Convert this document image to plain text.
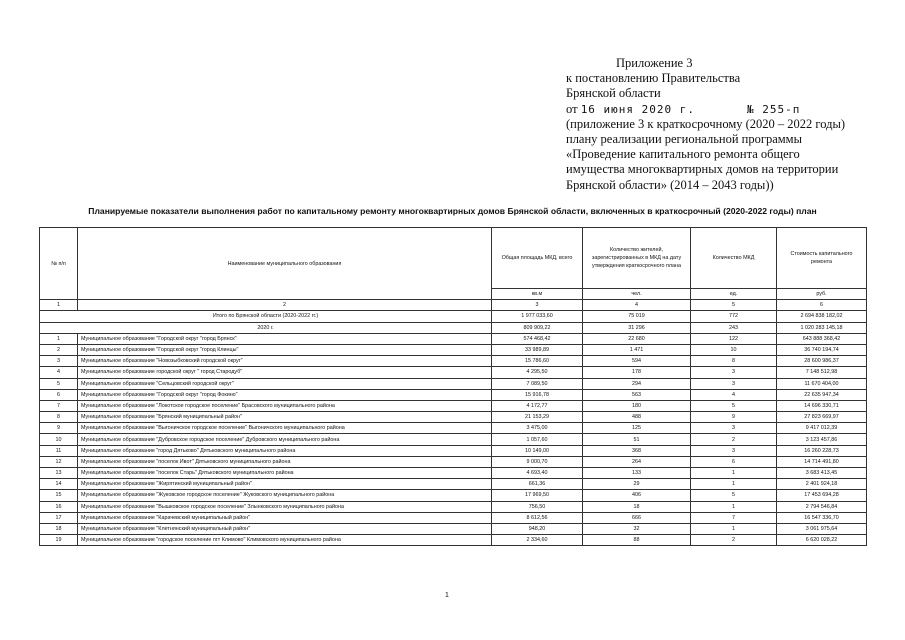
Приложение 3
к постановлению Правительства
Брянской области
от 16 июня 2020 г.	№ 255-п
(приложение 3 к краткосрочному (2020 – 2022 годы)
плану реализации региональной программы
«Проведение капитального ремонта общего
имущества многоквартирных домов на территории
Брянской области» (2014 – 2043 годы))
Планируемые показатели выполнения работ по капитальному ремонту многоквартирных домов Брянской области, включенных в краткосрочный (2020-2022 годы) план
№ п/п	Наименование муниципального образования	Общая площадь МКД, всего	Количество жителей, зарегистрированных в МКД на дату утверждения краткосрочного плана	Количество МКД	Стоимость капитального ремонта
		кв.м	чел.	ед.	руб.
1	2	3	4	5	6
Итого по Брянской области (2020-2022 гг.)		1 977 033,60	75 019	772	2 694 838 182,02
2020 г.		809 909,22	31 296	243	1 020 283 145,18
1	Муниципальное образование "Городской округ "город Брянск"	574 468,42	22 680	122	643 888 368,42
2	Муниципальное образование "Городской округ "город Клинцы"	33 989,89	1 471	10	36 740 194,74
3	Муниципальное образование "Новозыбковский городской округ"	15 786,60	594	8	28 600 986,37
4	Муниципальное образование городской округ " город Стародуб"	4 295,50	178	3	7 148 512,98
5	Муниципальное образование "Сельцовский городской округ"	7 089,50	294	3	11 670 404,00
6	Муниципальное образование "Городской округ "город Фокино"	15 916,78	563	4	22 635 947,34
7	Муниципальное образование "Локотское городское поселение" Брасовского муниципального района	4 172,77	180	5	14 696 330,71
8	Муниципальное образование "Брянский муниципальный район"	21 153,29	488	9	27 823 669,97
9	Муниципальное образование "Выгоничское городское поселение" Выгоничского муниципального района	3 475,00	125	3	9 417 012,39
10	Муниципальное образование "Дубровское городское поселение" Дубровского муниципального района	1 057,60	51	2	3 123 457,86
11	Муниципальное образование "город Дятьково" Дятьковского муниципального района	10 149,00	368	3	16 260 228,73
12	Муниципальное образование "поселок Ивот" Дятьковского муниципального района	9 000,70	264	6	14 714 491,80
13	Муниципальное образование "поселок Старь" Дятьковского муниципального района	4 693,40	133	1	3 683 413,45
14	Муниципальное образование "Жирятинский муниципальный район"	661,36	29	1	2 401 924,18
15	Муниципальное образование "Жуковское городское поселение" Жуковского муниципального района	17 969,50	406	5	17 453 694,28
16	Муниципальное образование "Вышковское городское поселение" Злынковского муниципального района	756,50	18	1	2 794 546,84
17	Муниципальное образование "Карачевский муниципальный район"	8 612,56	666	7	16 547 336,70
18	Муниципальное образование "Клетнянский муниципальный район"	948,20	32	1	3 061 975,64
19	Муниципальное образование "городское поселение пгт Климово" Климовского муниципального района	2 334,60	88	2	6 620 028,22
1
